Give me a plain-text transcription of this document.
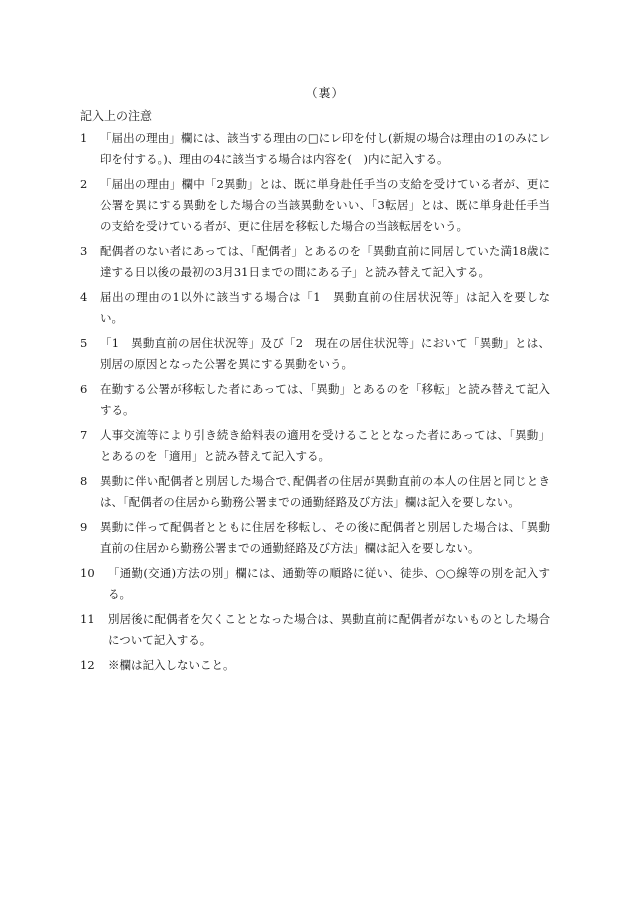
（裏）
記入上の注意
1	「届出の理由」欄には、該当する理由の□にレ印を付し(新規の場合は理由の1のみにレ印を付する。)、理由の4に該当する場合は内容を(　)内に記入する。
2	「届出の理由」欄中「2異動」とは、既に単身赴任手当の支給を受けている者が、更に公署を異にする異動をした場合の当該異動をいい、「3転居」とは、既に単身赴任手当の支給を受けている者が、更に住居を移転した場合の当該転居をいう。
3	配偶者のない者にあっては、「配偶者」とあるのを「異動直前に同居していた満18歳に達する日以後の最初の3月31日までの間にある子」と読み替えて記入する。
4	届出の理由の1以外に該当する場合は「1　異動直前の住居状況等」は記入を要しない。
5	「1　異動直前の居住状況等」及び「2　現在の居住状況等」において「異動」とは、別居の原因となった公署を異にする異動をいう。
6	在勤する公署が移転した者にあっては、「異動」とあるのを「移転」と読み替えて記入する。
7	人事交流等により引き続き給料表の適用を受けることとなった者にあっては、「異動」とあるのを「適用」と読み替えて記入する。
8	異動に伴い配偶者と別居した場合で､配偶者の住居が異動直前の本人の住居と同じときは、「配偶者の住居から勤務公署までの通勤経路及び方法」欄は記入を要しない。
9	異動に伴って配偶者とともに住居を移転し、その後に配偶者と別居した場合は、「異動直前の住居から勤務公署までの通勤経路及び方法」欄は記入を要しない。
10	「通勤(交通)方法の別」欄には、通勤等の順路に従い、徒歩、○○線等の別を記入する。
11	別居後に配偶者を欠くこととなった場合は、異動直前に配偶者がないものとした場合について記入する。
12	※欄は記入しないこと。
